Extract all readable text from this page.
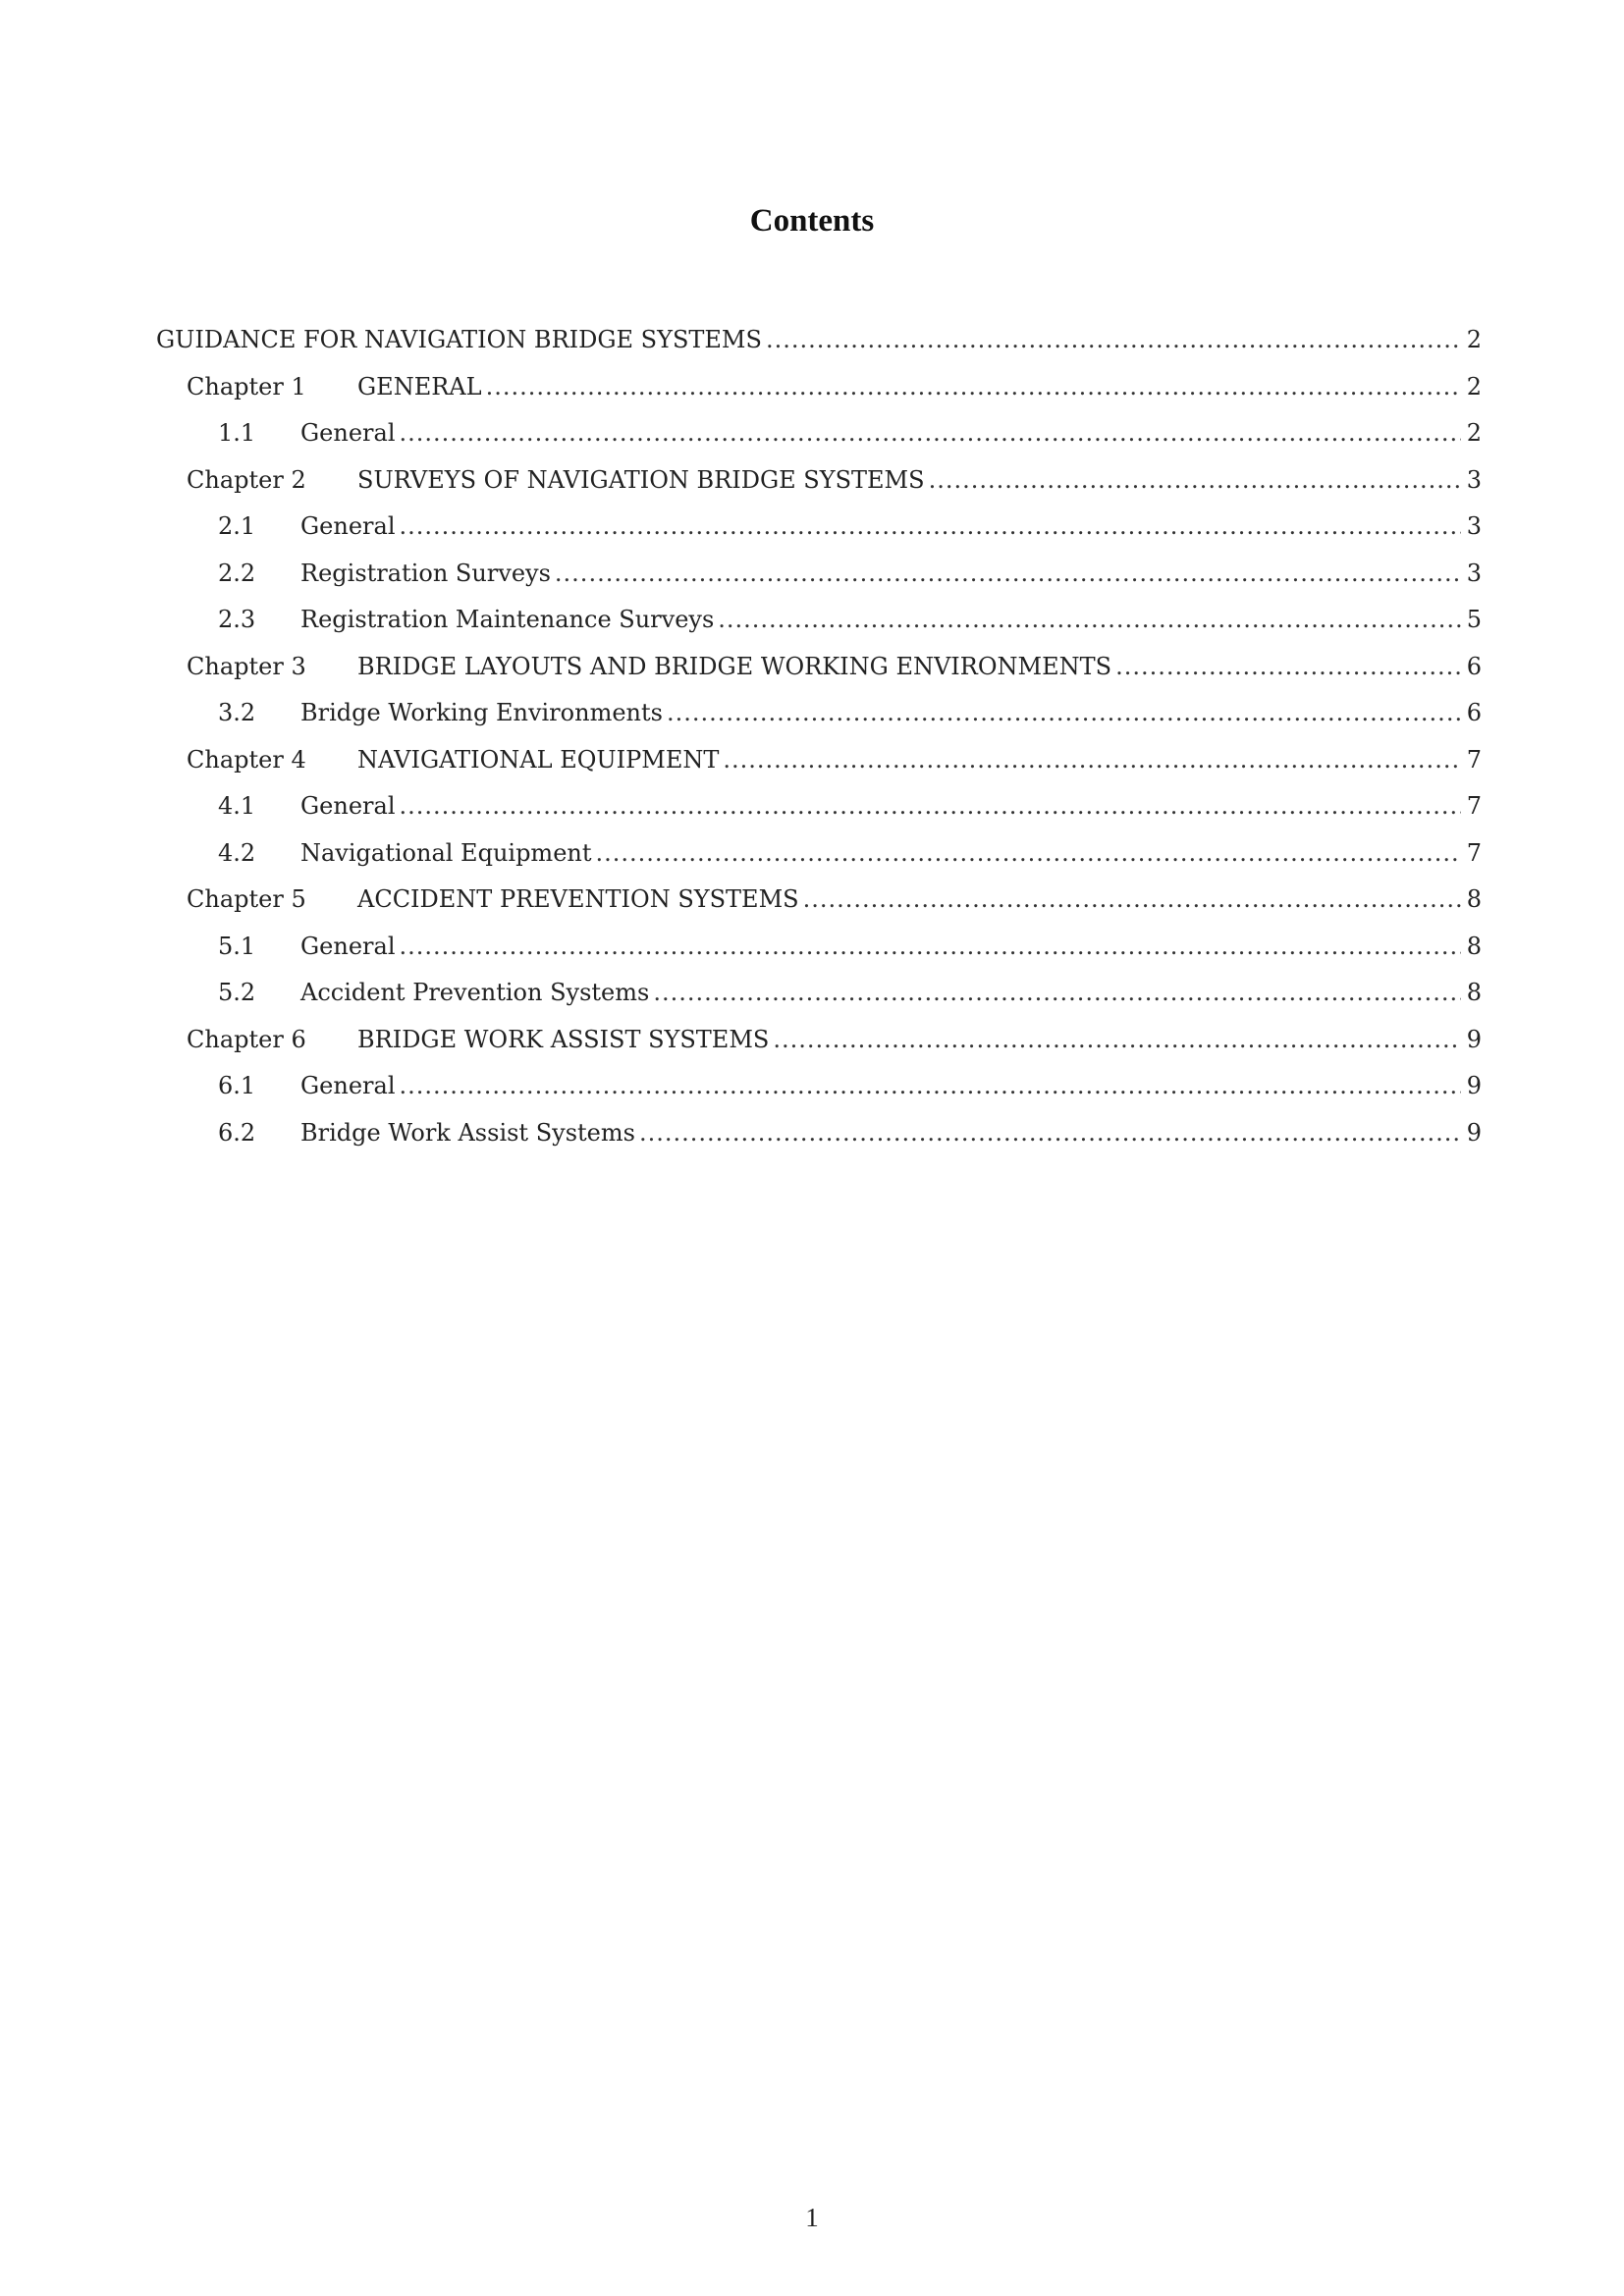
Contents
GUIDANCE FOR NAVIGATION BRIDGE SYSTEMS .....	2
Chapter 1	GENERAL .....	2
1.1	General .....	2
Chapter 2	SURVEYS OF NAVIGATION BRIDGE SYSTEMS .....	3
2.1	General .....	3
2.2	Registration Surveys .....	3
2.3	Registration Maintenance Surveys .....	5
Chapter 3	BRIDGE LAYOUTS AND BRIDGE WORKING ENVIRONMENTS .....	6
3.2	Bridge Working Environments .....	6
Chapter 4	NAVIGATIONAL EQUIPMENT .....	7
4.1	General .....	7
4.2	Navigational Equipment .....	7
Chapter 5	ACCIDENT PREVENTION SYSTEMS .....	8
5.1	General .....	8
5.2	Accident Prevention Systems .....	8
Chapter 6	BRIDGE WORK ASSIST SYSTEMS .....	9
6.1	General .....	9
6.2	Bridge Work Assist Systems .....	9
1
